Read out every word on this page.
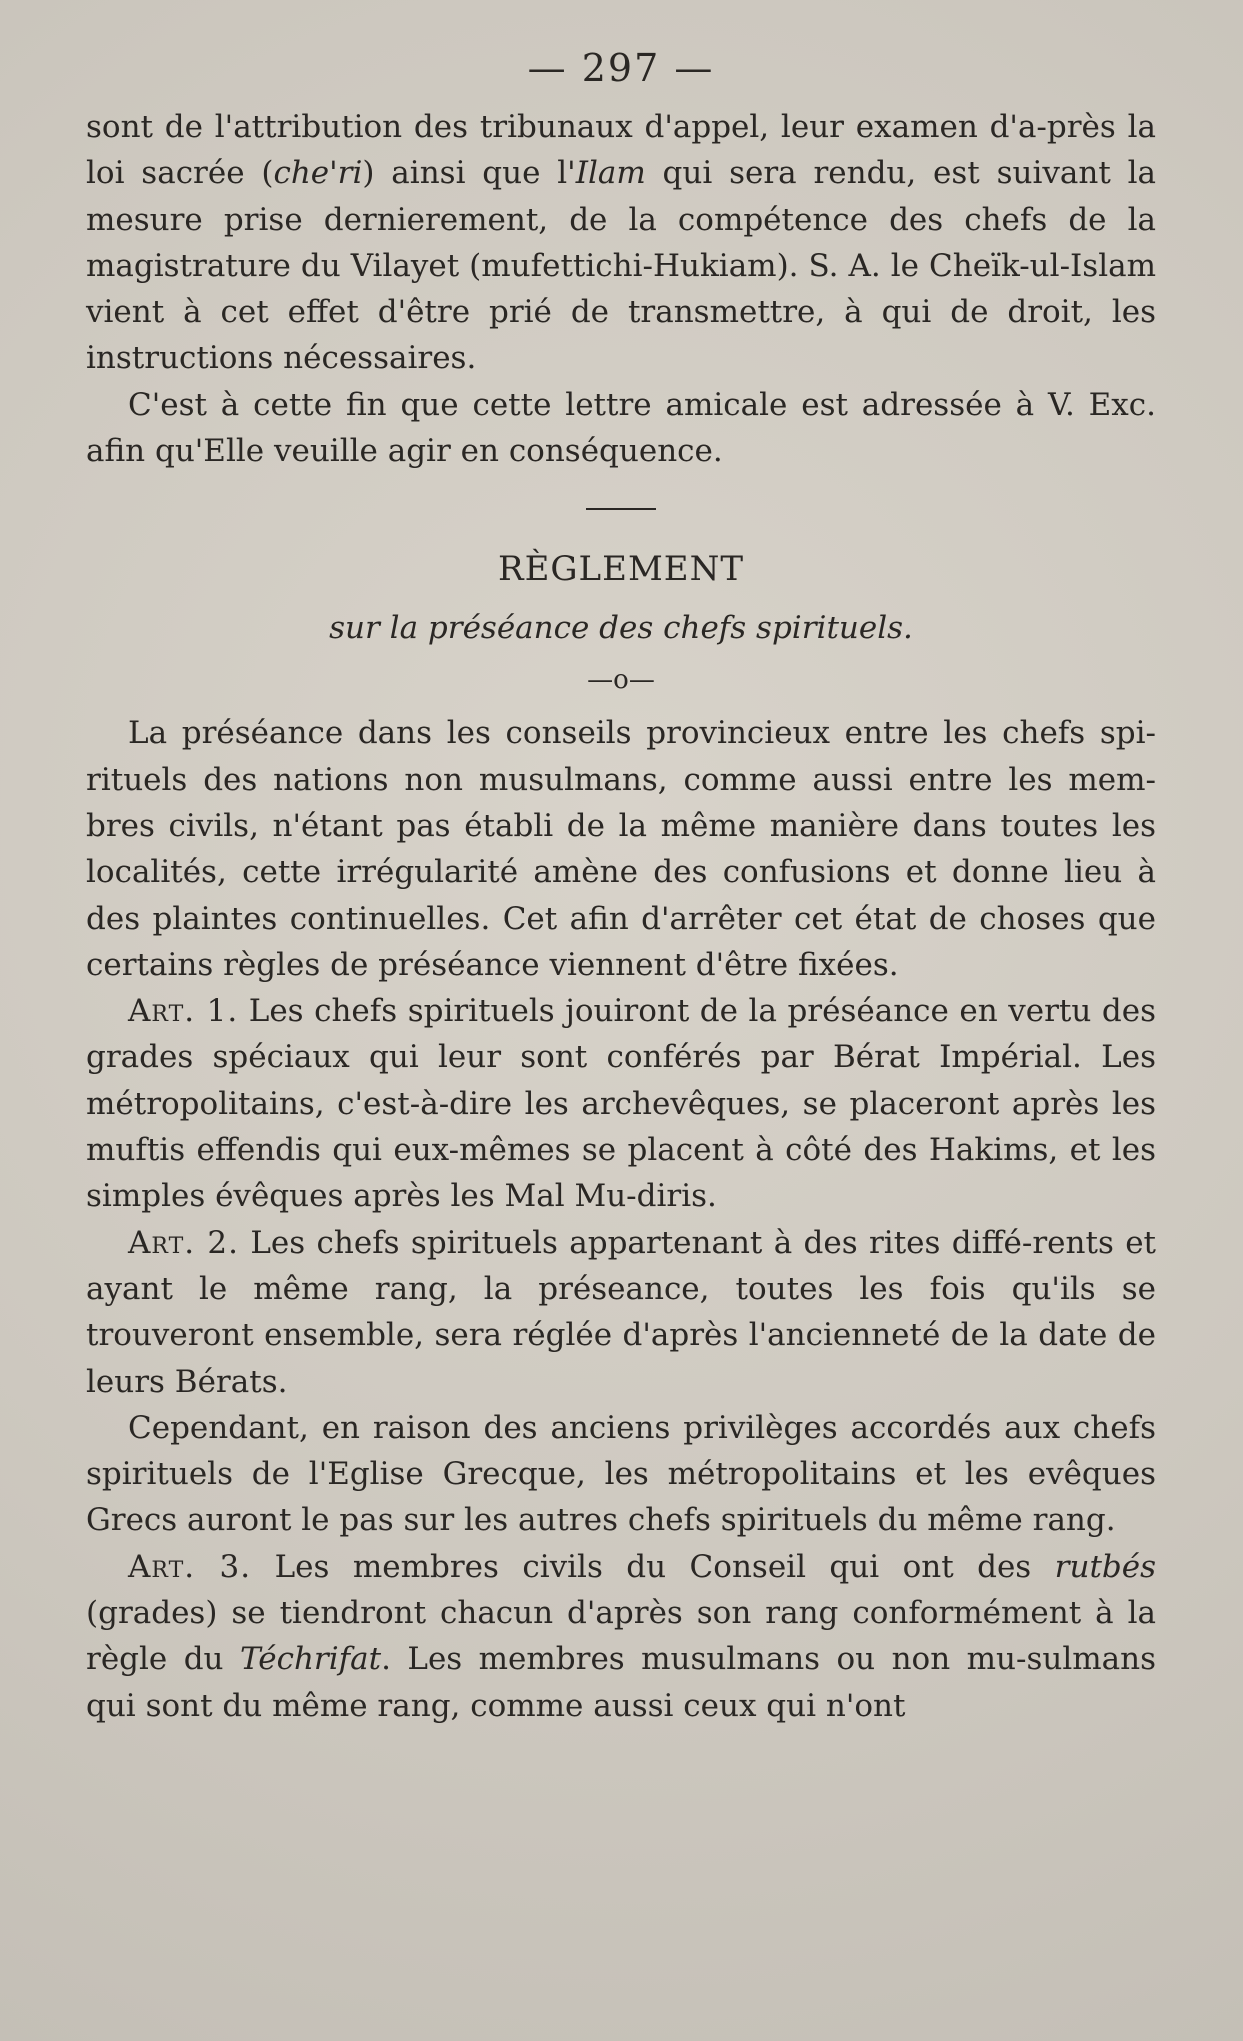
— 297 —

sont de l'attribution des tribunaux d'appel, leur examen d'a-près la loi sacrée (che'ri) ainsi que l'Ilam qui sera rendu, est suivant la mesure prise dernierement, de la compétence des chefs de la magistrature du Vilayet (mufettichi-Hukiam). S. A. le Cheïk-ul-Islam vient à cet effet d'être prié de transmettre, à qui de droit, les instructions nécessaires.

C'est à cette fin que cette lettre amicale est adressée à V. Exc. afin qu'Elle veuille agir en conséquence.

RÈGLEMENT
sur la préséance des chefs spirituels.
—o—

La préséance dans les conseils provincieux entre les chefs spi-rituels des nations non musulmans, comme aussi entre les mem-bres civils, n'étant pas établi de la même manière dans toutes les localités, cette irrégularité amène des confusions et donne lieu à des plaintes continuelles. Cet afin d'arrêter cet état de choses que certains règles de préséance viennent d'être fixées.

Art. 1. Les chefs spirituels jouiront de la préséance en vertu des grades spéciaux qui leur sont conférés par Bérat Impérial. Les métropolitains, c'est-à-dire les archevêques, se placeront après les muftis effendis qui eux-mêmes se placent à côté des Hakims, et les simples évêques après les Mal Mu-diris.

Art. 2. Les chefs spirituels appartenant à des rites diffé-rents et ayant le même rang, la préseance, toutes les fois qu'ils se trouveront ensemble, sera réglée d'après l'ancienneté de la date de leurs Bérats.

Cependant, en raison des anciens privilèges accordés aux chefs spirituels de l'Eglise Grecque, les métropolitains et les evêques Grecs auront le pas sur les autres chefs spirituels du même rang.

Art. 3. Les membres civils du Conseil qui ont des rutbés (grades) se tiendront chacun d'après son rang conformément à la règle du Téchrifat. Les membres musulmans ou non mu-sulmans qui sont du même rang, comme aussi ceux qui n'ont
